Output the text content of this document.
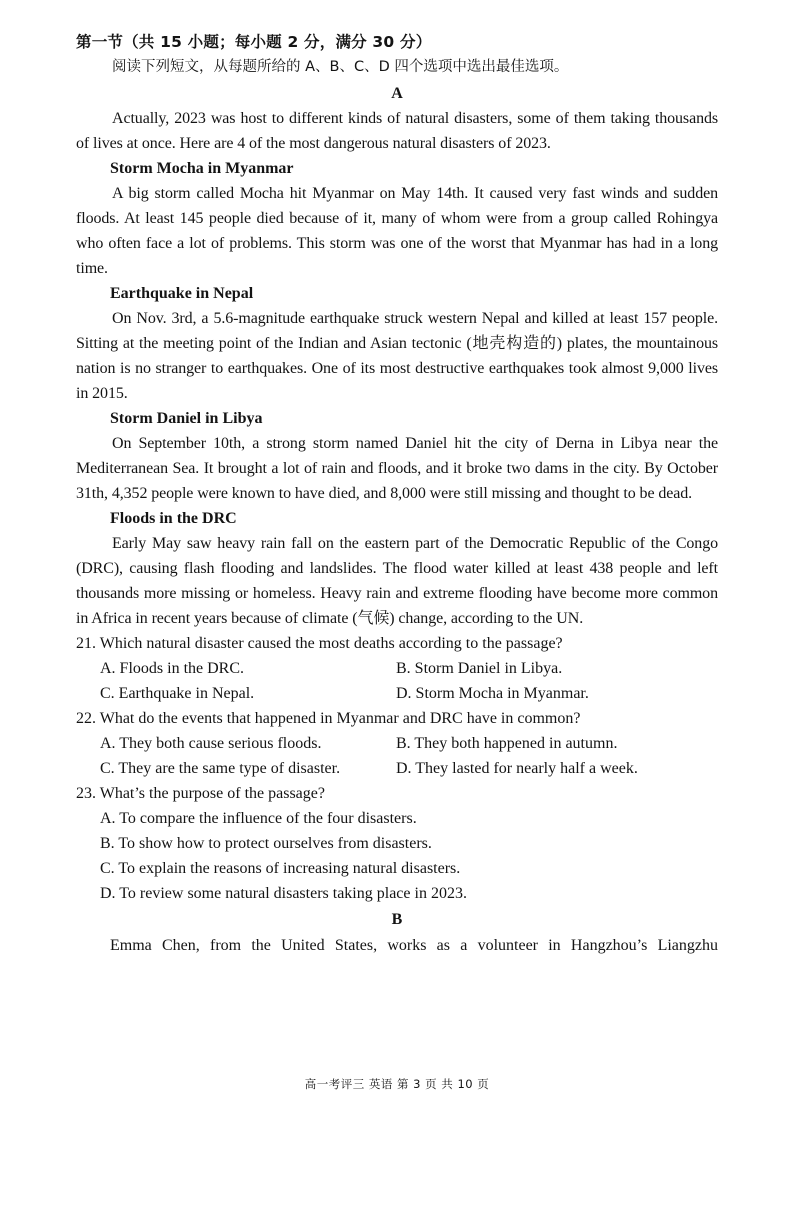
第一节（共 15 小题；每小题 2 分，满分 30 分）
阅读下列短文，从每题所给的 A、B、C、D 四个选项中选出最佳选项。
A

Actually, 2023 was host to different kinds of natural disasters, some of them taking thousands of lives at once. Here are 4 of the most dangerous natural disasters of 2023.

Storm Mocha in Myanmar

A big storm called Mocha hit Myanmar on May 14th. It caused very fast winds and sudden floods. At least 145 people died because of it, many of whom were from a group called Rohingya who often face a lot of problems. This storm was one of the worst that Myanmar has had in a long time.

Earthquake in Nepal

On Nov. 3rd, a 5.6-magnitude earthquake struck western Nepal and killed at least 157 people. Sitting at the meeting point of the Indian and Asian tectonic (地壳构造的) plates, the mountainous nation is no stranger to earthquakes. One of its most destructive earthquakes took almost 9,000 lives in 2015.

Storm Daniel in Libya

On September 10th, a strong storm named Daniel hit the city of Derna in Libya near the Mediterranean Sea. It brought a lot of rain and floods, and it broke two dams in the city. By October 31th, 4,352 people were known to have died, and 8,000 were still missing and thought to be dead.

Floods in the DRC

Early May saw heavy rain fall on the eastern part of the Democratic Republic of the Congo (DRC), causing flash flooding and landslides. The flood water killed at least 438 people and left thousands more missing or homeless. Heavy rain and extreme flooding have become more common in Africa in recent years because of climate (气候) change, according to the UN.

21. Which natural disaster caused the most deaths according to the passage?

A. Floods in the DRC.	B. Storm Daniel in Libya.
C. Earthquake in Nepal.	D. Storm Mocha in Myanmar.

22. What do the events that happened in Myanmar and DRC have in common?

A. They both cause serious floods.	B. They both happened in autumn.
C. They are the same type of disaster.	D. They lasted for nearly half a week.

23. What’s the purpose of the passage?

A. To compare the influence of the four disasters.
B. To show how to protect ourselves from disasters.
C. To explain the reasons of increasing natural disasters.
D. To review some natural disasters taking place in 2023.
B
Emma Chen, from the United States, works as a volunteer in Hangzhou’s Liangzhu
高一考评三 英语 第 3 页 共 10 页
